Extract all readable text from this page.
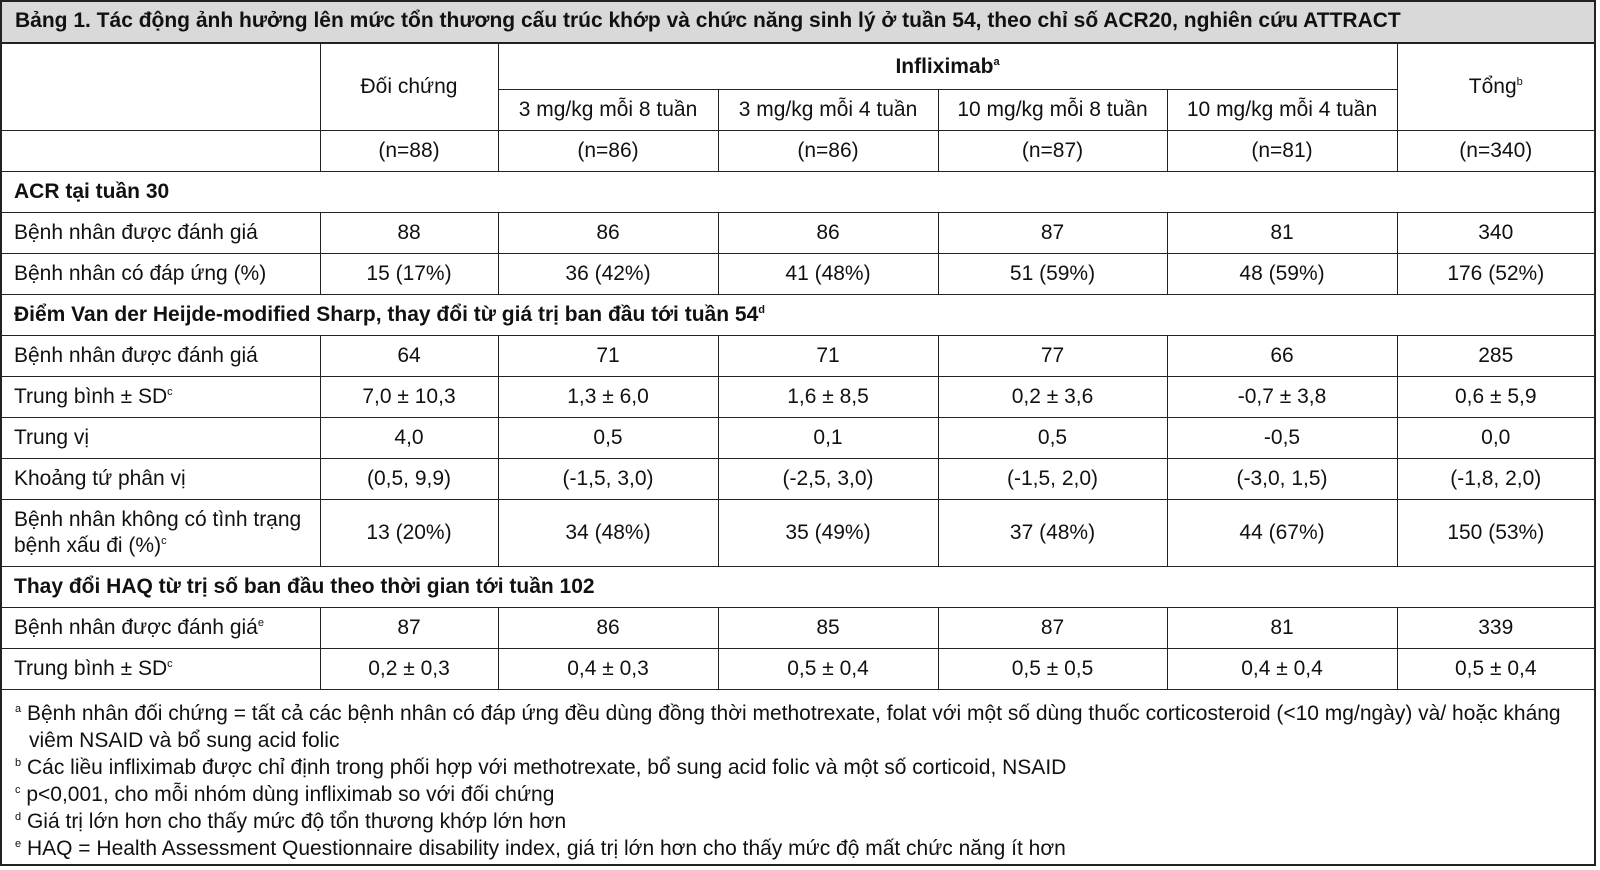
Bảng 1. Tác động ảnh hưởng lên mức tổn thương cấu trúc khớp và chức năng sinh lý ở tuần 54, theo chỉ số ACR20, nghiên cứu ATTRACT
	Đối chứng	Infliximab$^a$				Tổng$^b$
		3 mg/kg mỗi 8 tuần	3 mg/kg mỗi 4 tuần	10 mg/kg mỗi 8 tuần	10 mg/kg mỗi 4 tuần	
	(n=88)	(n=86)	(n=86)	(n=87)	(n=81)	(n=340)
ACR tại tuần 30						
Bệnh nhân được đánh giá	88	86	86	87	81	340
Bệnh nhân có đáp ứng (%)	15 (17%)	36 (42%)	41 (48%)	51 (59%)	48 (59%)	176 (52%)
Điểm Van der Heijde-modified Sharp, thay đổi từ giá trị ban đầu tới tuần 54$^d$
Bệnh nhân được đánh giá	64	71	71	77	66	285
Trung bình ± $SD^c$	7,0 ± 10,3	1,3 ± 6,0	1,6 ± 8,5	0,2 ± 3,6	-0,7 ± 3,8	0,6 ± 5,9
Trung vị	4,0	0,5	0,1	0,5	-0,5	0,0
Khoảng tứ phân vị	(0,5, 9,9)	(-1,5, 3,0)	(-2,5, 3,0)	(-1,5, 2,0)	(-3,0, 1,5)	(-1,8, 2,0)
Bệnh nhân không có tình trạng bệnh xấu đi (%)$^c$	13 (20%)	34 (48%)	35 (49%)	37 (48%)	44 (67%)	150 (53%)
Thay đổi HAQ từ trị số ban đầu theo thời gian tới tuần 102						
Bệnh nhân được đánh giá$^e$	87	86	85	87	81	339
Trung bình ± $SD^c$	0,2 ± 0,3	0,4 ± 0,3	0,5 ± 0,4	0,5 ± 0,5	0,4 ± 0,4	0,5 ± 0,4
$^a$ Bệnh nhân đối chứng = tất cả các bệnh nhân có đáp ứng đều dùng đồng thời methotrexate, folat với một số dùng thuốc corticosteroid (<10 mg/ngày) và/ hoặc kháng viêm NSAID và bổ sung acid folic
$^b$ Các liều infliximab được chỉ định trong phối hợp với methotrexate, bổ sung acid folic và một số corticoid, NSAID
$^c$ p<0,001, cho mỗi nhóm dùng infliximab so với đối chứng
$^d$ Giá trị lớn hơn cho thấy mức độ tổn thương khớp lớn hơn
$^e$ HAQ = Health Assessment Questionnaire disability index, giá trị lớn hơn cho thấy mức độ mất chức năng ít hơn
